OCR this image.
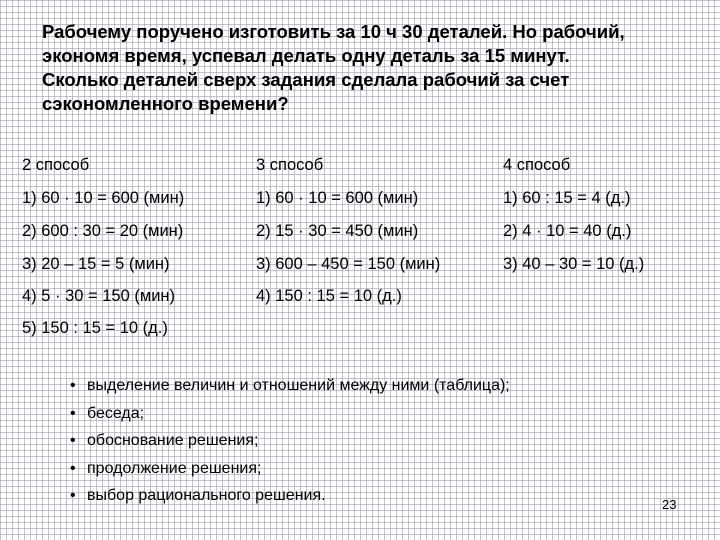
Рабочему поручено изготовить за 10 ч 30 деталей. Но рабочий,
экономя время, успевал делать одну деталь за 15 минут.
Сколько деталей сверх задания сделала рабочий за счет
сэкономленного времени?
2 способ
1) 60 · 10 = 600 (мин)
2) 600 : 30 = 20 (мин)
3) 20 – 15 = 5 (мин)
4) 5 · 30 = 150 (мин)
5) 150 : 15 = 10 (д.)
3 способ
1) 60 · 10 = 600 (мин)
2) 15 · 30 = 450 (мин)
3) 600 – 450 = 150 (мин)
4) 150 : 15 = 10 (д.)
4 способ
1) 60 : 15 = 4 (д.)
2) 4 · 10 = 40 (д.)
3) 40 – 30 = 10 (д.)
• выделение величин и отношений между ними (таблица);
• беседа;
• обоснование решения;
• продолжение решения;
• выбор рационального решения.
23
